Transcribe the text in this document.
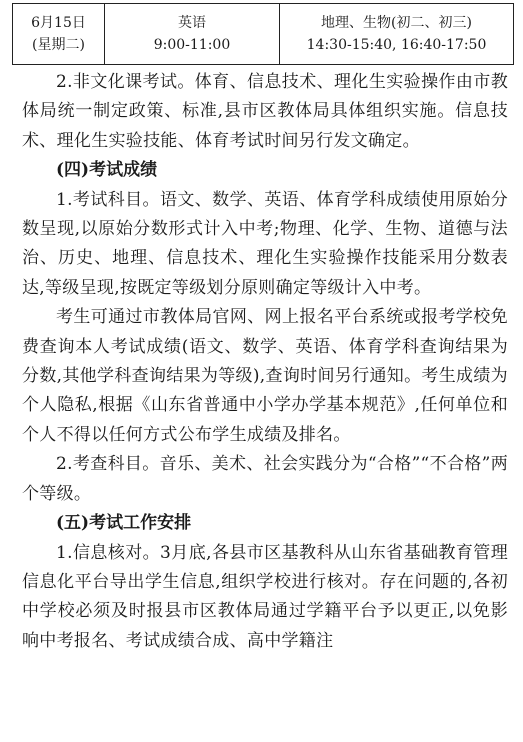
6月15日
(星期二)

英语
9:00-11:00

地理、生物(初二、初三)
14:30-15:40, 16:40-17:50

2.非文化课考试。体育、信息技术、理化生实验操作由市教体局统一制定政策、标准,县市区教体局具体组织实施。信息技术、理化生实验技能、体育考试时间另行发文确定。

(四)考试成绩

1.考试科目。语文、数学、英语、体育学科成绩使用原始分数呈现,以原始分数形式计入中考;物理、化学、生物、道德与法治、历史、地理、信息技术、理化生实验操作技能采用分数表达,等级呈现,按既定等级划分原则确定等级计入中考。

考生可通过市教体局官网、网上报名平台系统或报考学校免费查询本人考试成绩(语文、数学、英语、体育学科查询结果为分数,其他学科查询结果为等级),查询时间另行通知。考生成绩为个人隐私,根据《山东省普通中小学办学基本规范》,任何单位和个人不得以任何方式公布学生成绩及排名。

2.考查科目。音乐、美术、社会实践分为“合格”“不合格”两个等级。

(五)考试工作安排

1.信息核对。3月底,各县市区基教科从山东省基础教育管理信息化平台导出学生信息,组织学校进行核对。存在问题的,各初中学校必须及时报县市区教体局通过学籍平台予以更正,以免影响中考报名、考试成绩合成、高中学籍注
